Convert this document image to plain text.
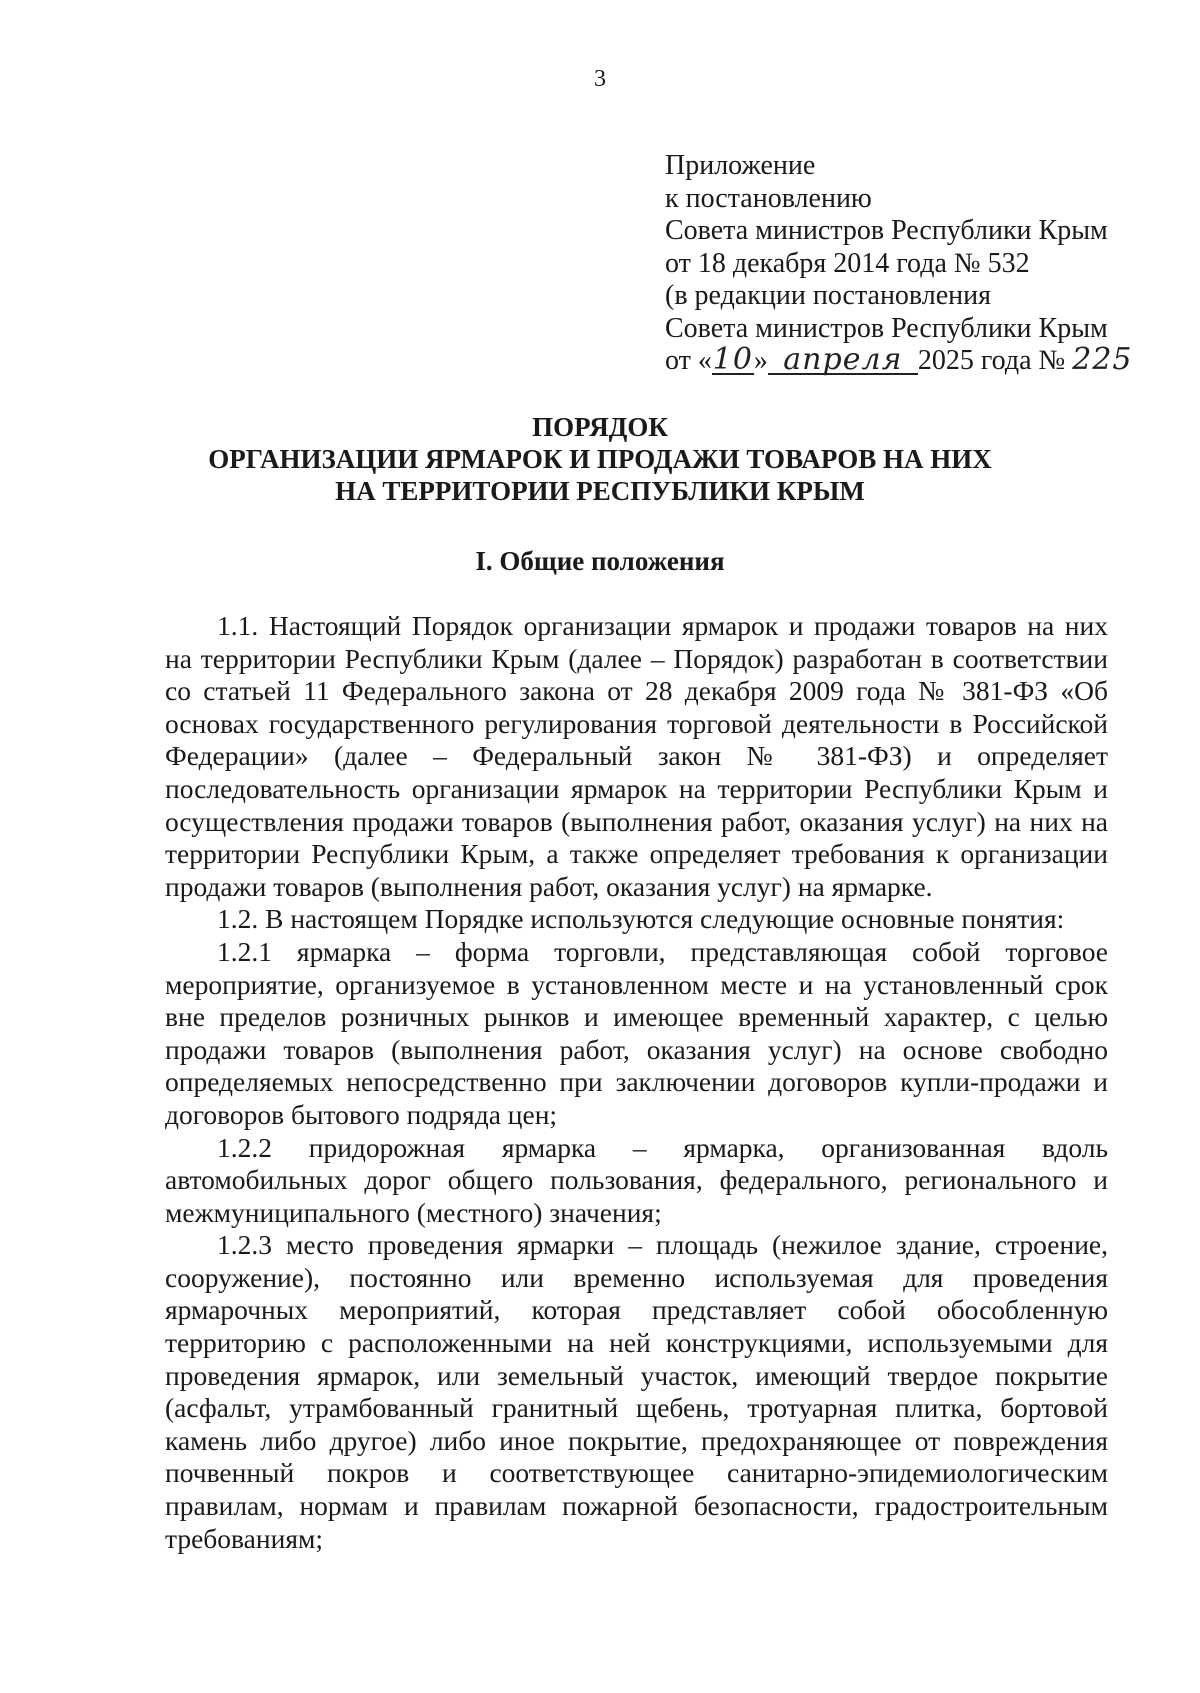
3
Приложение
к постановлению
Совета министров Республики Крым
от 18 декабря 2014 года № 532
(в редакции постановления
Совета министров Республики Крым
от «10» апреля 2025 года № 225
ПОРЯДОК
ОРГАНИЗАЦИИ ЯРМАРОК И ПРОДАЖИ ТОВАРОВ НА НИХ
НА ТЕРРИТОРИИ РЕСПУБЛИКИ КРЫМ
I. Общие положения

1.1. Настоящий Порядок организации ярмарок и продажи товаров на них на территории Республики Крым (далее – Порядок) разработан в соответствии со статьей 11 Федерального закона от 28 декабря 2009 года № 381-ФЗ «Об основах государственного регулирования торговой деятельности в Российской Федерации» (далее – Федеральный закон № 381-ФЗ) и определяет последовательность организации ярмарок на территории Республики Крым и осуществления продажи товаров (выполнения работ, оказания услуг) на них на территории Республики Крым, а также определяет требования к организации продажи товаров (выполнения работ, оказания услуг) на ярмарке.

1.2. В настоящем Порядке используются следующие основные понятия:

1.2.1 ярмарка – форма торговли, представляющая собой торговое мероприятие, организуемое в установленном месте и на установленный срок вне пределов розничных рынков и имеющее временный характер, с целью продажи товаров (выполнения работ, оказания услуг) на основе свободно определяемых непосредственно при заключении договоров купли-продажи и договоров бытового подряда цен;

1.2.2 придорожная ярмарка – ярмарка, организованная вдоль автомобильных дорог общего пользования, федерального, регионального и межмуниципального (местного) значения;

1.2.3 место проведения ярмарки – площадь (нежилое здание, строение, сооружение), постоянно или временно используемая для проведения ярмарочных мероприятий, которая представляет собой обособленную территорию с расположенными на ней конструкциями, используемыми для проведения ярмарок, или земельный участок, имеющий твердое покрытие (асфальт, утрамбованный гранитный щебень, тротуарная плитка, бортовой камень либо другое) либо иное покрытие, предохраняющее от повреждения почвенный покров и соответствующее санитарно-эпидемиологическим правилам, нормам и правилам пожарной безопасности, градостроительным требованиям;
